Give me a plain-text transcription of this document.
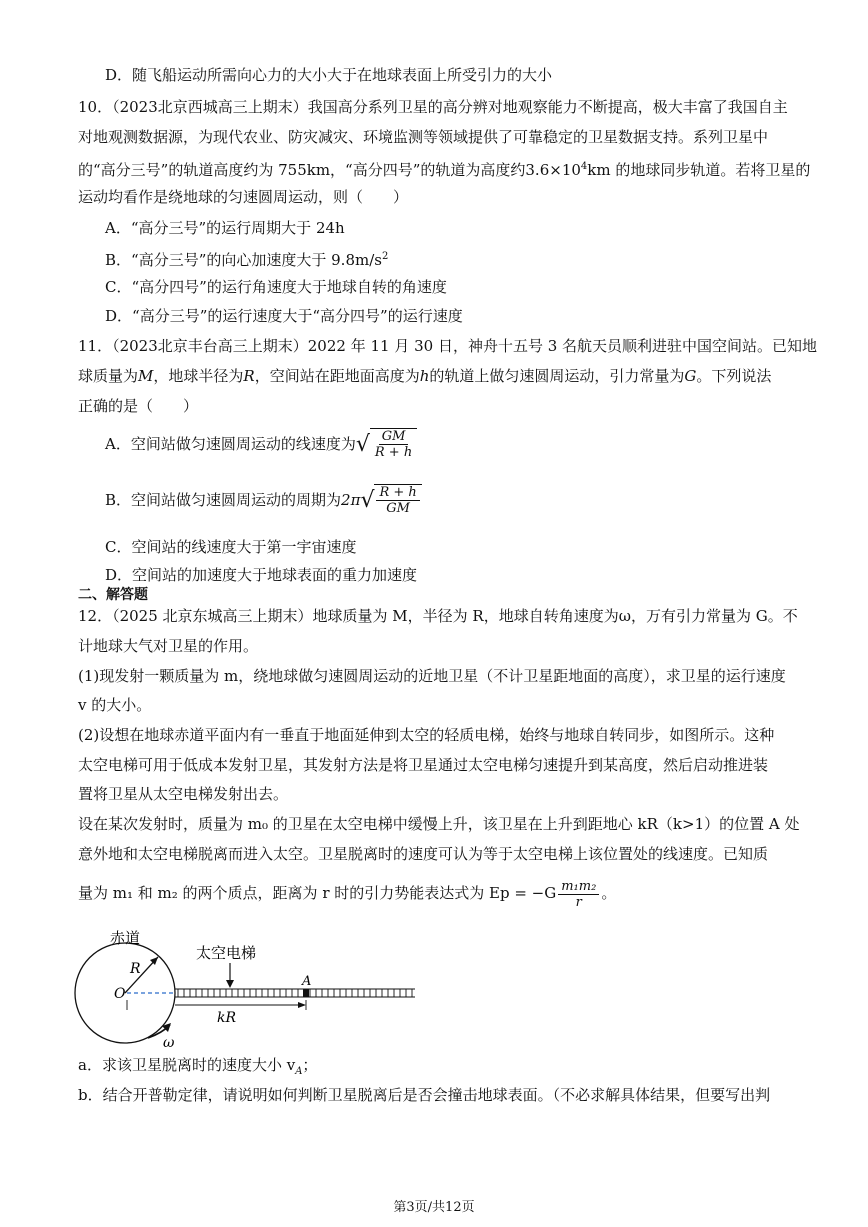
D．随飞船运动所需向心力的大小大于在地球表面上所受引力的大小
10．（2023北京西城高三上期末）我国高分系列卫星的高分辨对地观察能力不断提高，极大丰富了我国自主
对地观测数据源，为现代农业、防灾减灾、环境监测等领域提供了可靠稳定的卫星数据支持。系列卫星中
的“高分三号”的轨道高度约为 755km，“高分四号”的轨道为高度约$3.6\times 10^4km$ 的地球同步轨道。若将卫星的
运动均看作是绕地球的匀速圆周运动，则（　　）
A．“高分三号”的运行周期大于 24h
B．“高分三号”的向心加速度大于 $9.8m/s^2$
C．“高分四号”的运行角速度大于地球自转的角速度
D．“高分三号”的运行速度大于“高分四号”的运行速度
11．（2023北京丰台高三上期末）2022 年 11 月 30 日，神舟十五号 3 名航天员顺利进驻中国空间站。已知地
球质量为M，地球半径为R，空间站在距地面高度为h的轨道上做匀速圆周运动，引力常量为G。下列说法
正确的是（　　）
A．空间站做匀速圆周运动的线速度为 √ $\frac{GM}{R + h}$
B．空间站做匀速圆周运动的周期为2π √ $\frac{R + h}{GM}$
C．空间站的线速度大于第一宇宙速度
D．空间站的加速度大于地球表面的重力加速度
二、解答题
12．（2025 北京东城高三上期末）地球质量为 M，半径为 R，地球自转角速度为ω，万有引力常量为 G。不
计地球大气对卫星的作用。
(1)现发射一颗质量为 m，绕地球做匀速圆周运动的近地卫星（不计卫星距地面的高度），求卫星的运行速度
v 的大小。
(2)设想在地球赤道平面内有一垂直于地面延伸到太空的轻质电梯，始终与地球自转同步，如图所示。这种
太空电梯可用于低成本发射卫星，其发射方法是将卫星通过太空电梯匀速提升到某高度，然后启动推进装
置将卫星从太空电梯发射出去。
设在某次发射时，质量为 m₀ 的卫星在太空电梯中缓慢上升，该卫星在上升到距地心 kR（k>1）的位置 A 处
意外地和太空电梯脱离而进入太空。卫星脱离时的速度可认为等于太空电梯上该位置处的线速度。已知质
量为 m₁ 和 m₂ 的两个质点，距离为 r 时的引力势能表达式为 $Ep = -G \frac{\text{m₁m₂}}{r}$ 。
赤道
R
O
太空电梯
A
kR
ω
a．求该卫星脱离时的速度大小 $v_A$；
b．结合开普勒定律，请说明如何判断卫星脱离后是否会撞击地球表面。（不必求解具体结果，但要写出判
第3页/共12页
